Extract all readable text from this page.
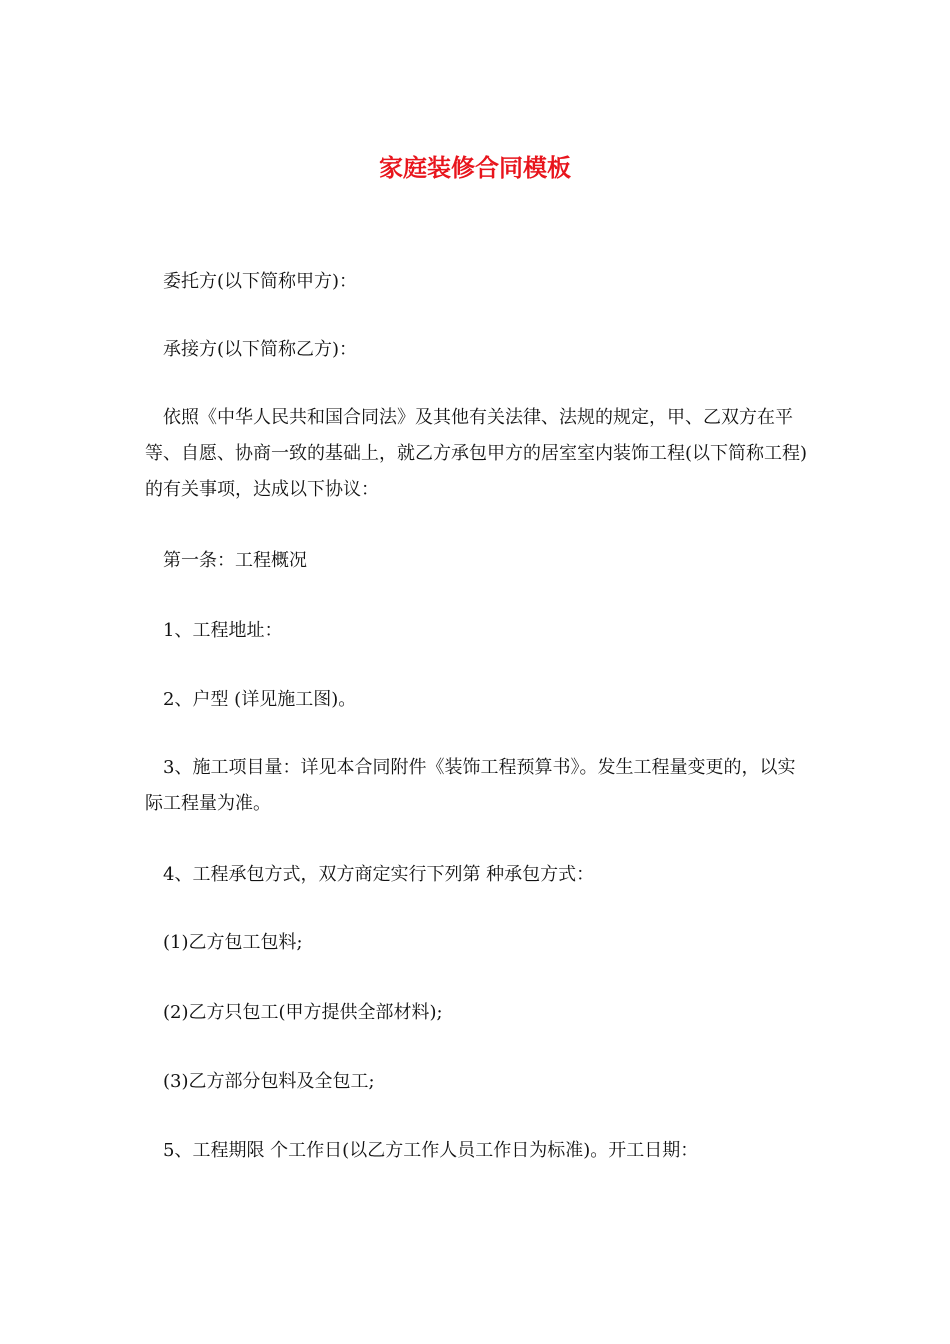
家庭装修合同模板

委托方(以下简称甲方)：

承接方(以下简称乙方)：

依照《中华人民共和国合同法》及其他有关法律、法规的规定，甲、乙双方在平等、自愿、协商一致的基础上，就乙方承包甲方的居室室内装饰工程(以下简称工程)的有关事项，达成以下协议：

第一条：工程概况

1、工程地址：

2、户型 (详见施工图)。

3、施工项目量：详见本合同附件《装饰工程预算书》。发生工程量变更的，以实际工程量为准。

4、工程承包方式，双方商定实行下列第 种承包方式：

(1)乙方包工包料;

(2)乙方只包工(甲方提供全部材料);

(3)乙方部分包料及全包工;

5、工程期限 个工作日(以乙方工作人员工作日为标准)。开工日期：
